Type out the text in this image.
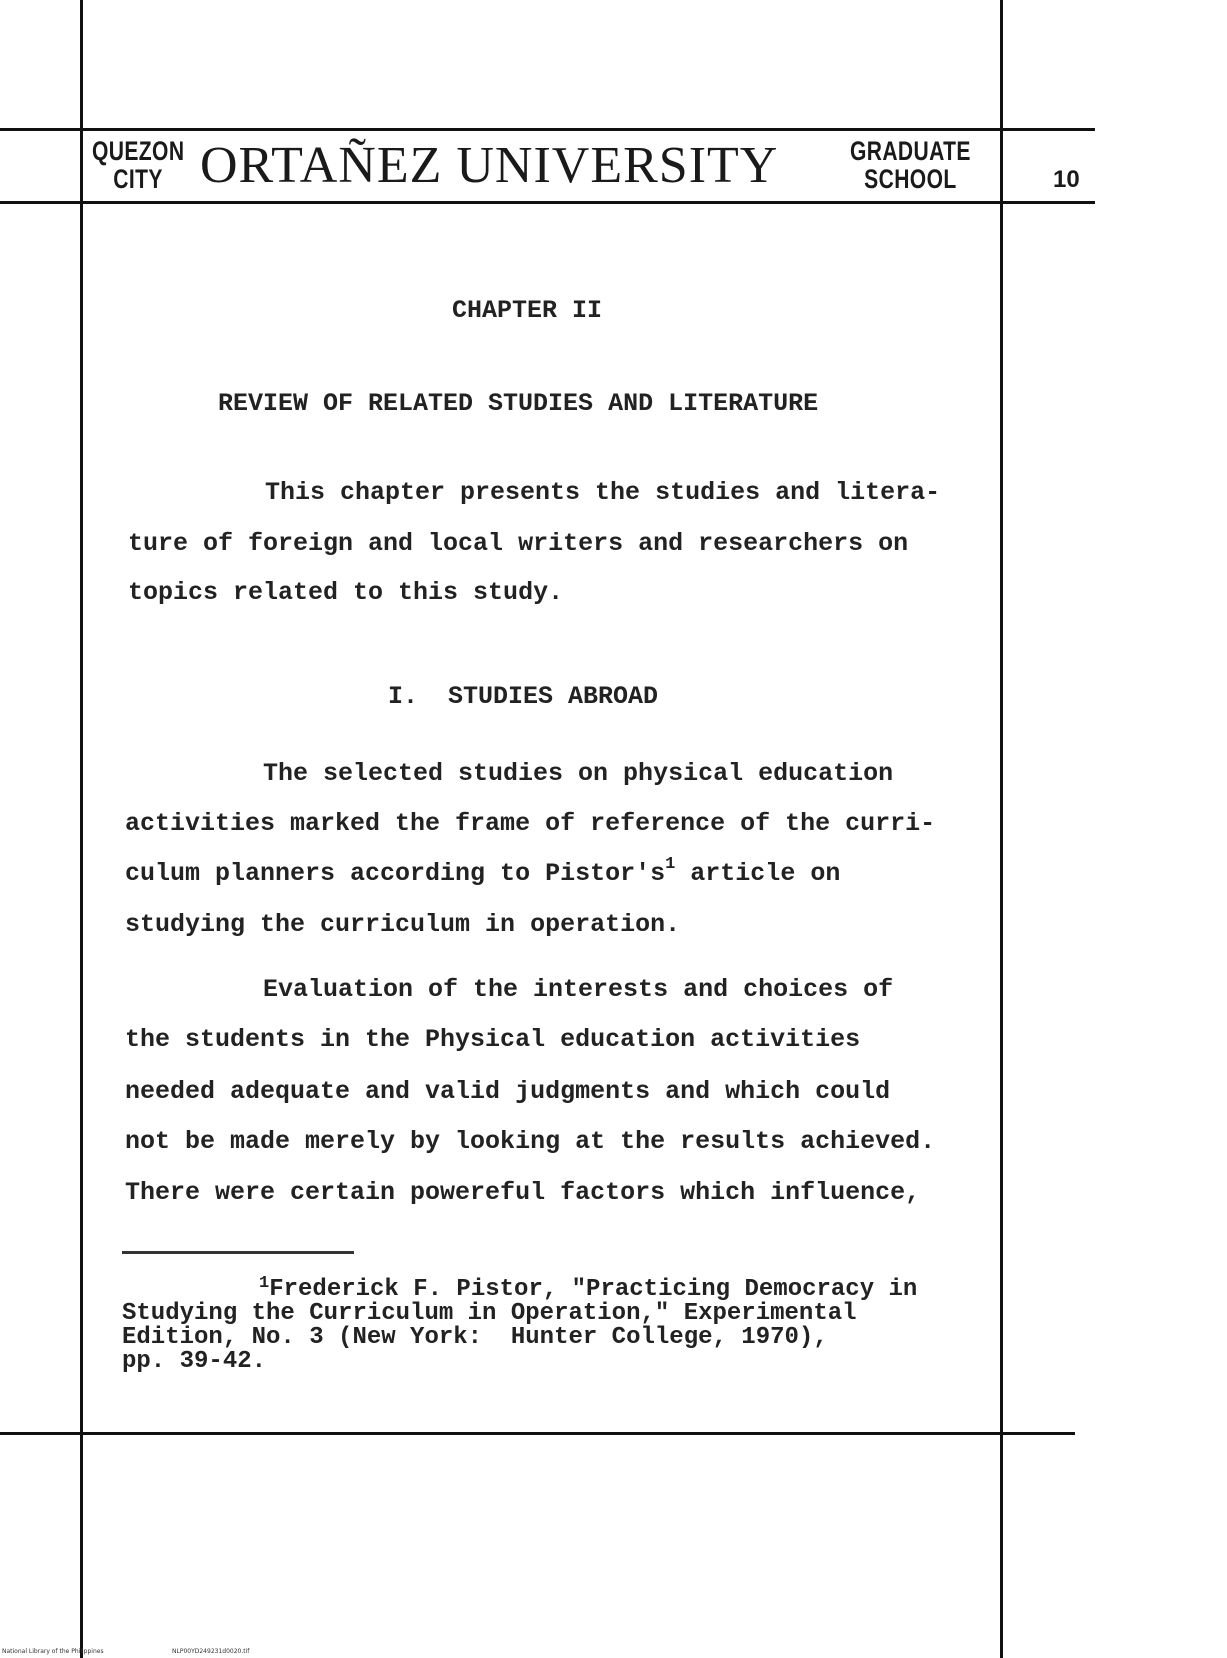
QUEZON
CITY ORTAÑEZ UNIVERSITY	GRADUATE
SCHOOL	10
CHAPTER II
REVIEW OF RELATED STUDIES AND LITERATURE
This chapter presents the studies and litera-
ture of foreign and local writers and researchers on
topics related to this study.
I.  STUDIES ABROAD
The selected studies on physical education
activities marked the frame of reference of the curri-
culum planners according to Pistor's$^1$ article on
studying the curriculum in operation.
Evaluation of the interests and choices of
the students in the Physical education activities
needed adequate and valid judgments and which could
not be made merely by looking at the results achieved.
There were certain powereful factors which influence,
$^1$Frederick F. Pistor, "Practicing Democracy in
Studying the Curriculum in Operation," Experimental
Edition, No. 3 (New York:  Hunter College, 1970),
pp. 39-42.
National Library of the Philippines	NLP00YD249231d0020.tif
